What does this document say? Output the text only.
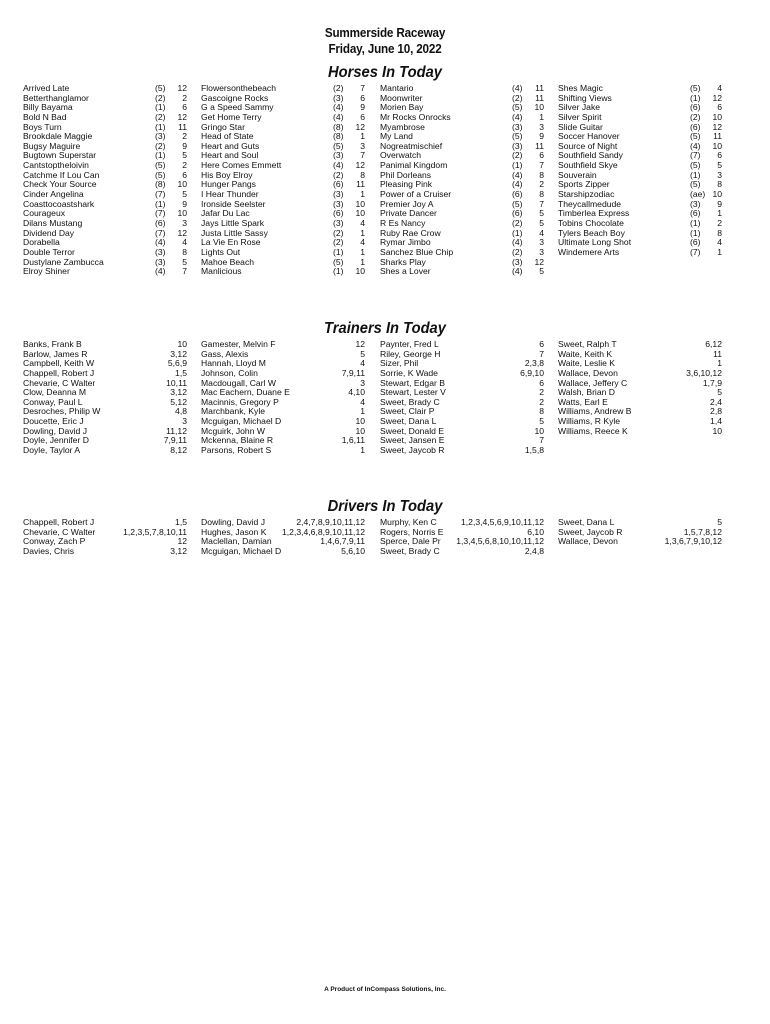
Summerside Raceway
Friday, June 10, 2022
Horses In Today
Arrived Late	(5) 12
Betterthanglamor	(2) 2
Billy Bayama	(1) 6
Bold N Bad	(2) 12
Boys Turn	(1) 11
Brookdale Maggie	(3) 2
Bugsy Maguire	(2) 9
Bugtown Superstar	(1) 5
Cantstoptheloivin	(5) 2
Catchme If Lou Can	(5) 6
Check Your Source	(8) 10
Cinder Angelina	(7) 5
Coasttocoastshark	(1) 9
Courageux	(7) 10
Dilans Mustang	(6) 3
Dividend Day	(7) 12
Dorabella	(4) 4
Double Terror	(3) 8
Dustylane Zambucca	(3) 5
Elroy Shiner	(4) 7
Flowersonthebeach	(2) 7
Gascoigne Rocks	(3) 6
G a Speed Sammy	(4) 9
Get Home Terry	(4) 6
Gringo Star	(8) 12
Head of State	(8) 1
Heart and Guts	(5) 3
Heart and Soul	(3) 7
Here Comes Emmett	(4) 12
His Boy Elroy	(2) 8
Hunger Pangs	(6) 11
I Hear Thunder	(3) 1
Ironside Seelster	(3) 10
Jafar Du Lac	(6) 10
Jays Little Spark	(3) 4
Justa Little Sassy	(2) 1
La Vie En Rose	(2) 4
Lights Out	(1) 1
Mahoe Beach	(5) 1
Manlicious	(1) 10
Mantario	(4) 11
Moonwriter	(2) 11
Morien Bay	(5) 10
Mr Rocks Onrocks	(4) 1
Myambrose	(3) 3
My Land	(5) 9
Nogreatmischief	(3) 11
Overwatch	(2) 6
Panimal Kingdom	(1) 7
Phil Dorleans	(4) 8
Pleasing Pink	(4) 2
Power of a Cruiser	(6) 8
Premier Joy A	(5) 7
Private Dancer	(6) 5
R Es Nancy	(2) 5
Ruby Rae Crow	(1) 4
Rymar Jimbo	(4) 3
Sanchez Blue Chip	(2) 3
Sharks Play	(3) 12
Shes a Lover	(4) 5
Shes Magic	(5) 4
Shifting Views	(1) 12
Silver Jake	(6) 6
Silver Spirit	(2) 10
Slide Guitar	(6) 12
Soccer Hanover	(5) 11
Source of Night	(4) 10
Southfield Sandy	(7) 6
Southfield Skye	(5) 5
Souverain	(1) 3
Sports Zipper	(5) 8
Starshipzodiac	(ae) 10
Theycallmedude	(3) 9
Timberlea Express	(6) 1
Tobins Chocolate	(1) 2
Tylers Beach Boy	(1) 8
Ultimate Long Shot	(6) 4
Windemere Arts	(7) 1
Trainers In Today
Banks, Frank B	10
Barlow, James R	3,12
Campbell, Keith W	5,6,9
Chappell, Robert J	1,5
Chevarie, C Walter	10,11
Clow, Deanna M	3,12
Conway, Paul L	5,12
Desroches, Philip W	4,8
Doucette, Eric J	3
Dowling, David J	11,12
Doyle, Jennifer D	7,9,11
Doyle, Taylor A	8,12
Gamester, Melvin F	12
Gass, Alexis	5
Hannah, Lloyd M	4
Johnson, Colin	7,9,11
Macdougall, Carl W	3
Mac Eachern, Duane E	4,10
Macinnis, Gregory P	4
Marchbank, Kyle	1
Mcguigan, Michael D	10
Mcguirk, John W	10
Mckenna, Blaine R	1,6,11
Parsons, Robert S	1
Paynter, Fred L	6
Riley, George H	7
Sizer, Phil	2,3,8
Sorrie, K Wade	6,9,10
Stewart, Edgar B	6
Stewart, Lester V	2
Sweet, Brady C	2
Sweet, Clair P	8
Sweet, Dana L	5
Sweet, Donald E	10
Sweet, Jansen E	7
Sweet, Jaycob R	1,5,8
Sweet, Ralph T	6,12
Waite, Keith K	11
Waite, Leslie K	1
Wallace, Devon	3,6,10,12
Wallace, Jeffery C	1,7,9
Walsh, Brian D	5
Watts, Earl E	2,4
Williams, Andrew B	2,8
Williams, R Kyle	1,4
Williams, Reece K	10
Drivers In Today
Chappell, Robert J	1,5
Chevarie, C Walter	1,2,3,5,7,8,10,11
Conway, Zach P	12
Davies, Chris	3,12
Dowling, David J	2,4,7,8,9,10,11,12
Hughes, Jason K 1,2,3,4,6,8,9,10,11,12
Maclellan, Damian	1,4,6,7,9,11
Mcguigan, Michael D	5,6,10
Murphy, Ken C	1,2,3,4,5,6,9,10,11,12
Rogers, Norris E	6,10
Sperce, Dale Pr 1,3,4,5,6,8,10,10,11,12
Sweet, Brady C	2,4,8
Sweet, Dana L	5
Sweet, Jaycob R	1,5,7,8,12
Wallace, Devon	1,3,6,7,9,10,12
A Product of InCompass Solutions, Inc.
